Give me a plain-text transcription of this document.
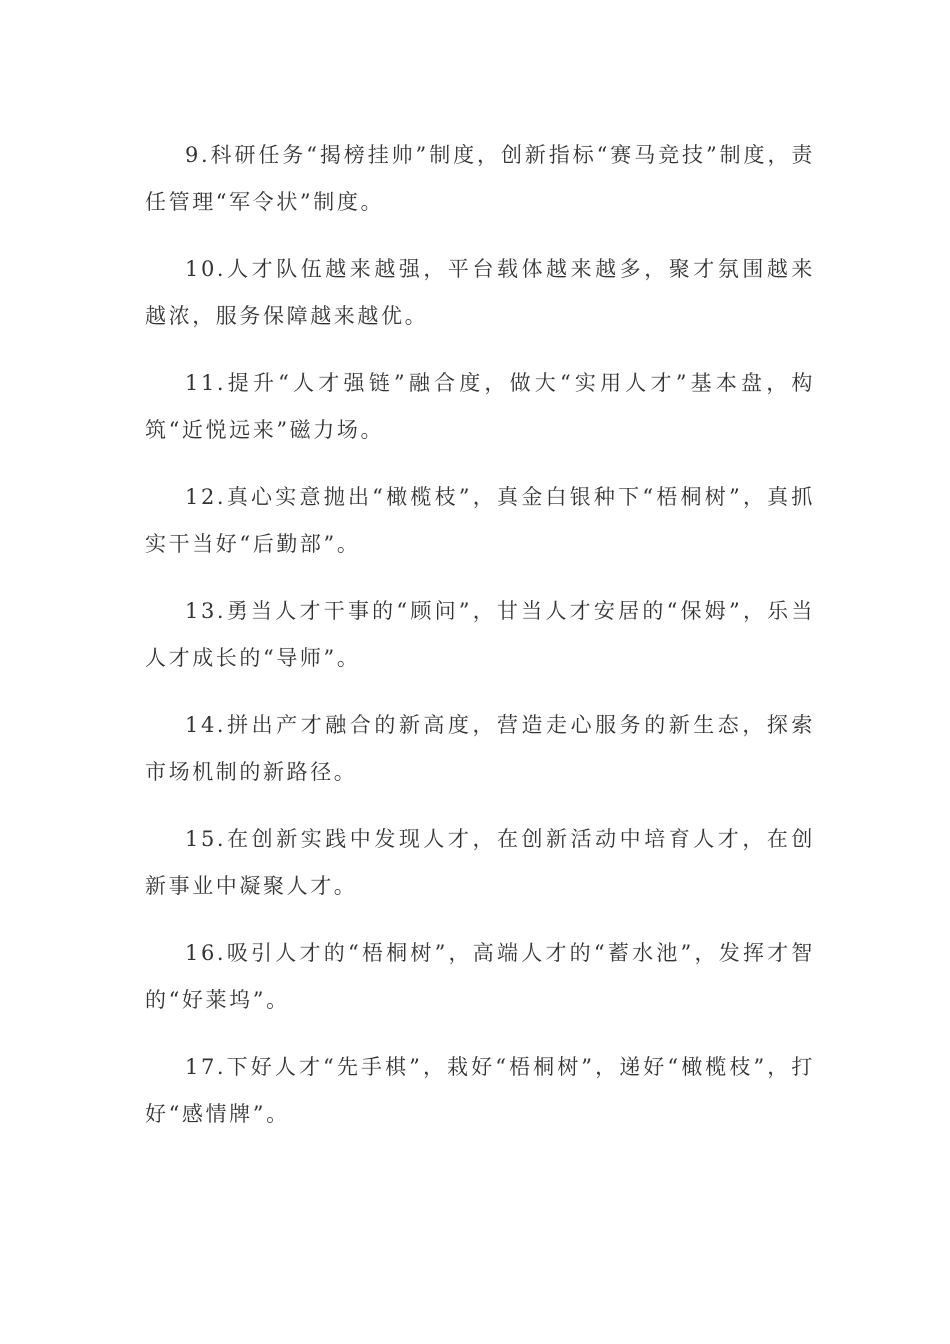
9.科研任务“揭榜挂帅”制度，创新指标“赛马竞技”制度，责任管理“军令状”制度。

10.人才队伍越来越强，平台载体越来越多，聚才氛围越来越浓，服务保障越来越优。

11.提升“人才强链”融合度，做大“实用人才”基本盘，构筑“近悦远来”磁力场。

12.真心实意抛出“橄榄枝”，真金白银种下“梧桐树”，真抓实干当好“后勤部”。

13.勇当人才干事的“顾问”，甘当人才安居的“保姆”，乐当人才成长的“导师”。

14.拼出产才融合的新高度，营造走心服务的新生态，探索市场机制的新路径。

15.在创新实践中发现人才，在创新活动中培育人才，在创新事业中凝聚人才。

16.吸引人才的“梧桐树”，高端人才的“蓄水池”，发挥才智的“好莱坞”。

17.下好人才“先手棋”，栽好“梧桐树”，递好“橄榄枝”，打好“感情牌”。
